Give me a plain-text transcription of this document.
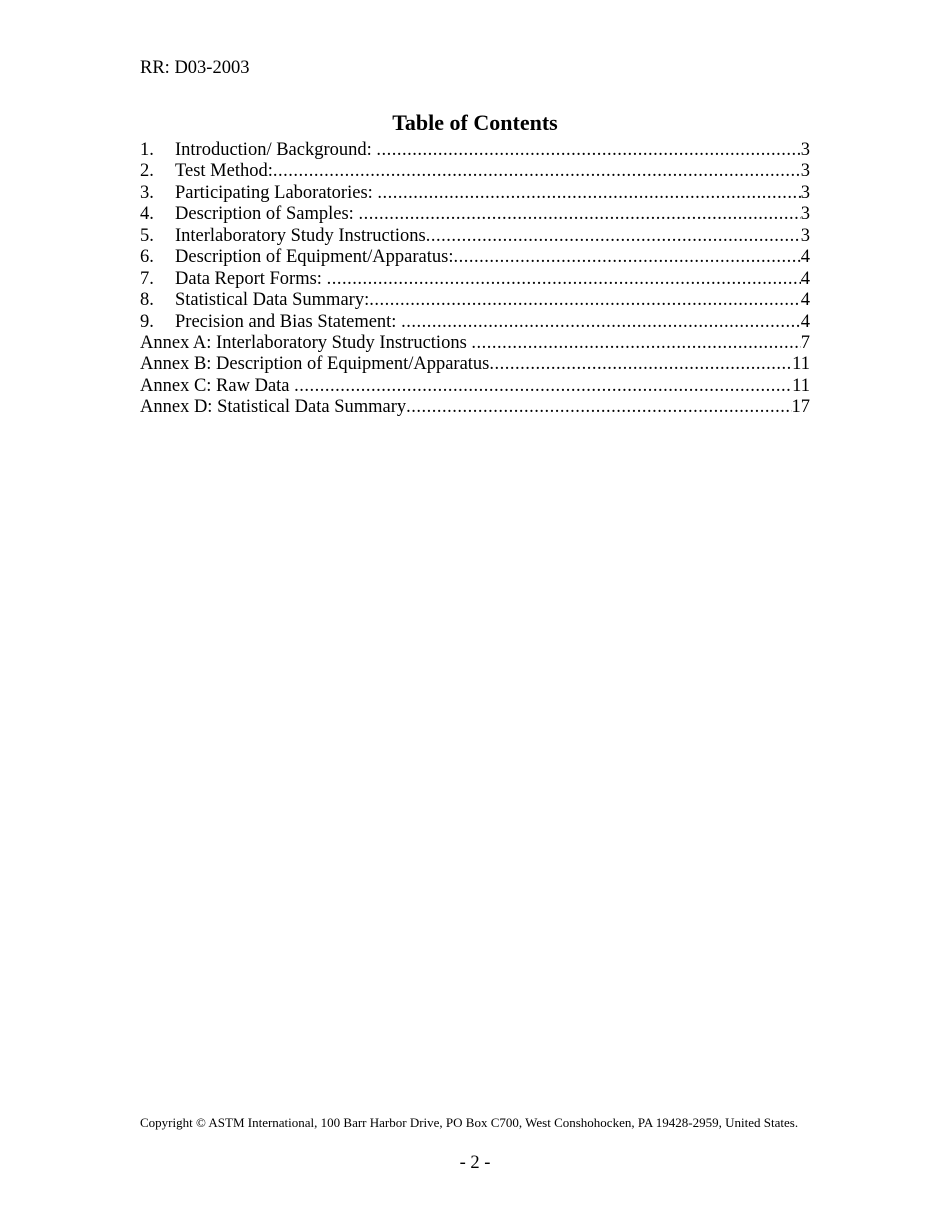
RR: D03-2003
Table of Contents
1.	Introduction/ Background: .....	3
2.	Test Method: .....	3
3.	Participating Laboratories: .....	3
4.	Description of Samples: .....	3
5.	Interlaboratory Study Instructions .....	3
6.	Description of Equipment/Apparatus: .....	4
7.	Data Report Forms: .....	4
8.	Statistical Data Summary: .....	4
9.	Precision and Bias Statement: .....	4
Annex A: Interlaboratory Study Instructions .....	7
Annex B: Description of Equipment/Apparatus .....	11
Annex C: Raw Data .....	11
Annex D: Statistical Data Summary .....	17
Copyright © ASTM International, 100 Barr Harbor Drive, PO Box C700, West Conshohocken, PA 19428-2959, United States.
- 2 -
